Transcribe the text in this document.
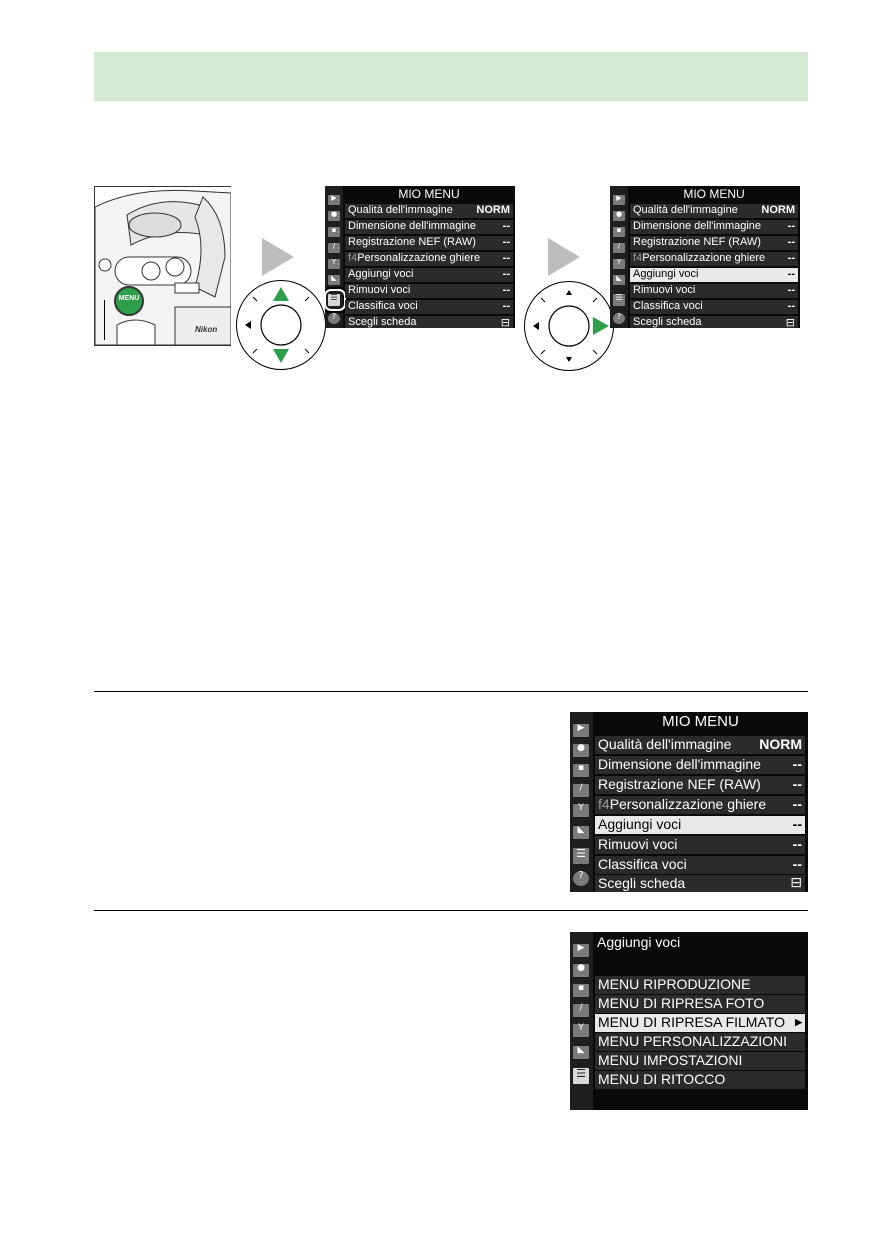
MENU
Nikon
▶
●
▪
/
Y
◣
☰
?
MIO MENU
Qualità dell'immagine NORM
Dimensione dell'immagine --
Registrazione NEF (RAW) --
f4Personalizzazione ghiere --
Aggiungi voci	--
Rimuovi voci	--
Classifica voci	--
Scegli scheda	⊟
▶
●
▪
/
Y
◣
☰
?
MIO MENU
Qualità dell'immagine NORM
Dimensione dell'immagine --
Registrazione NEF (RAW) --
f4Personalizzazione ghiere --
Aggiungi voci	--
Rimuovi voci	--
Classifica voci	--
Scegli scheda	⊟
▶
●
▪
/
Y
◣
☰
?
MIO MENU
Qualità dell'immagine NORM
Dimensione dell'immagine --
Registrazione NEF (RAW) --
f4Personalizzazione ghiere --
Aggiungi voci	--
Rimuovi voci	--
Classifica voci	--
Scegli scheda	⊟
▶
●
▪
/
Y
◣
☰
Aggiungi voci
MENU RIPRODUZIONE
MENU DI RIPRESA FOTO
MENU DI RIPRESA FILMATO ▶
MENU PERSONALIZZAZIONI
MENU IMPOSTAZIONI
MENU DI RITOCCO
